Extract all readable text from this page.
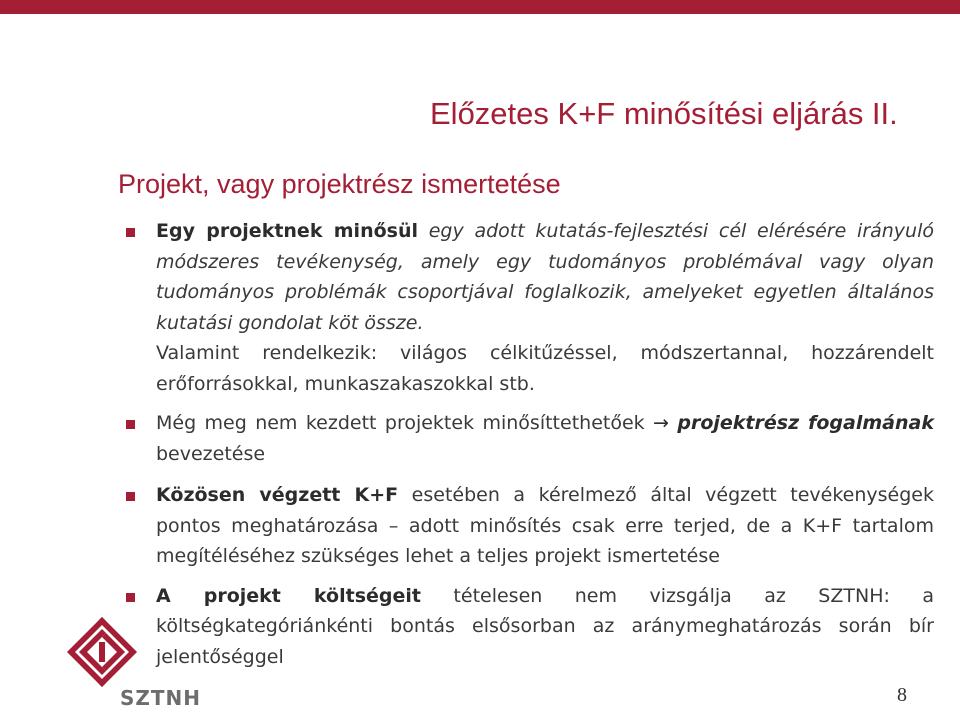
Előzetes K+F minősítési eljárás II.
Projekt, vagy projektrész ismertetése
Egy projektnek minősül egy adott kutatás-fejlesztési cél elérésére irányuló módszeres tevékenység, amely egy tudományos problémával vagy olyan tudományos problémák csoportjával foglalkozik, amelyeket egyetlen általános kutatási gondolat köt össze.
Valamint rendelkezik: világos célkitűzéssel, módszertannal, hozzárendelt erőforrásokkal, munkaszakaszokkal stb.
Még meg nem kezdett projektek minősíttethetőek → projektrész fogalmának bevezetése
Közösen végzett K+F esetében a kérelmező által végzett tevékenységek pontos meghatározása – adott minősítés csak erre terjed, de a K+F tartalom megítéléséhez szükséges lehet a teljes projekt ismertetése
A projekt költségeit tételesen nem vizsgálja az SZTNH: a költségkategóriánkénti bontás elsősorban az aránymeghatározás során bír jelentőséggel
SZTNH	8
